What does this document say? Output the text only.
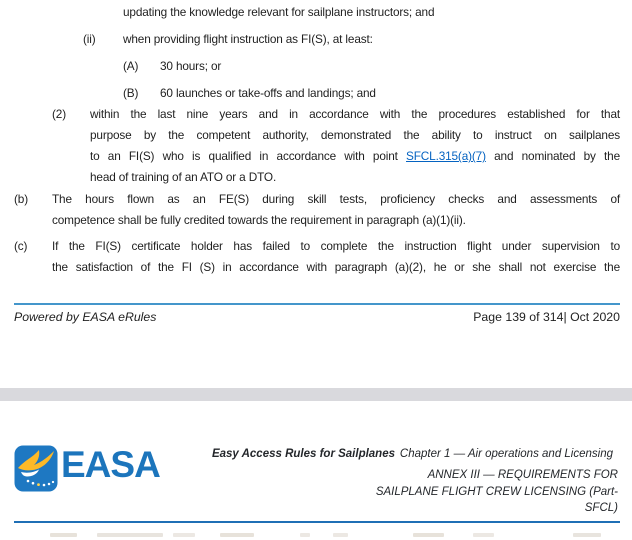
updating the knowledge relevant for sailplane instructors; and
(ii) when providing flight instruction as FI(S), at least:
(A) 30 hours; or
(B) 60 launches or take-offs and landings; and
(2) within the last nine years and in accordance with the procedures established for that
purpose by the competent authority, demonstrated the ability to instruct on sailplanes
to an FI(S) who is qualified in accordance with point SFCL.315(a)(7) and nominated by the
head of training of an ATO or a DTO.
(b) The hours flown as an FE(S) during skill tests, proficiency checks and assessments of
competence shall be fully credited towards the requirement in paragraph (a)(1)(ii).
(c) If the FI(S) certificate holder has failed to complete the instruction flight under supervision to
the satisfaction of the FI (S) in accordance with paragraph (a)(2), he or she shall not exercise the
Powered by EASA eRules	Page 139 of 314| Oct 2020
EASA	Easy Access Rules for Sailplanes Chapter 1 — Air operations and Licensing
ANNEX III — REQUIREMENTS FOR
SAILPLANE FLIGHT CREW LICENSING (Part-
SFCL)
